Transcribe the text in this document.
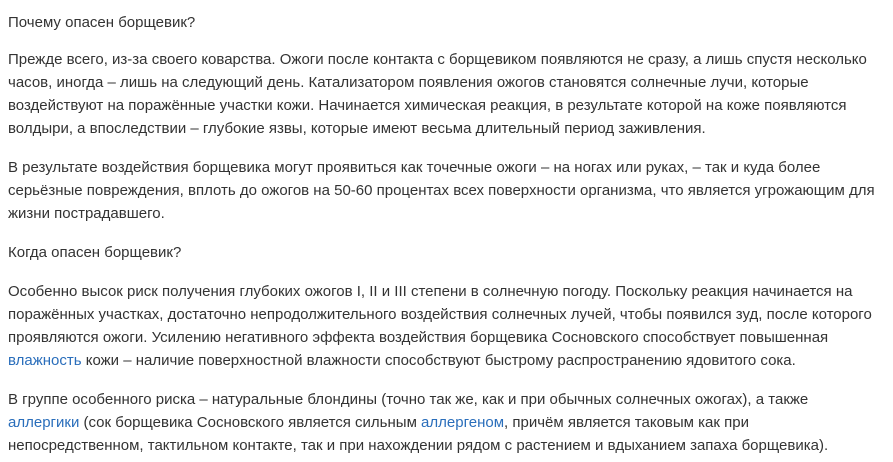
Почему опасен борщевик?
Прежде всего, из-за своего коварства. Ожоги после контакта с борщевиком появляются не сразу, а лишь спустя несколько
часов, иногда – лишь на следующий день. Катализатором появления ожогов становятся солнечные лучи, которые
воздействуют на поражённые участки кожи. Начинается химическая реакция, в результате которой на коже появляются
волдыри, а впоследствии – глубокие язвы, которые имеют весьма длительный период заживления.
В результате воздействия борщевика могут проявиться как точечные ожоги – на ногах или руках, – так и куда более
серьёзные повреждения, вплоть до ожогов на 50-60 процентах всех поверхности организма, что является угрожающим для
жизни пострадавшего.
Когда опасен борщевик?
Особенно высок риск получения глубоких ожогов I, II и III степени в солнечную погоду. Поскольку реакция начинается на
поражённых участках, достаточно непродолжительного воздействия солнечных лучей, чтобы появился зуд, после которого
проявляются ожоги. Усилению негативного эффекта воздействия борщевика Сосновского способствует повышенная
влажность кожи – наличие поверхностной влажности способствуют быстрому распространению ядовитого сока.
В группе особенного риска – натуральные блондины (точно так же, как и при обычных солнечных ожогах), а также
аллергики (сок борщевика Сосновского является сильным аллергеном, причём является таковым как при
непосредственном, тактильном контакте, так и при нахождении рядом с растением и вдыханием запаха борщевика).
